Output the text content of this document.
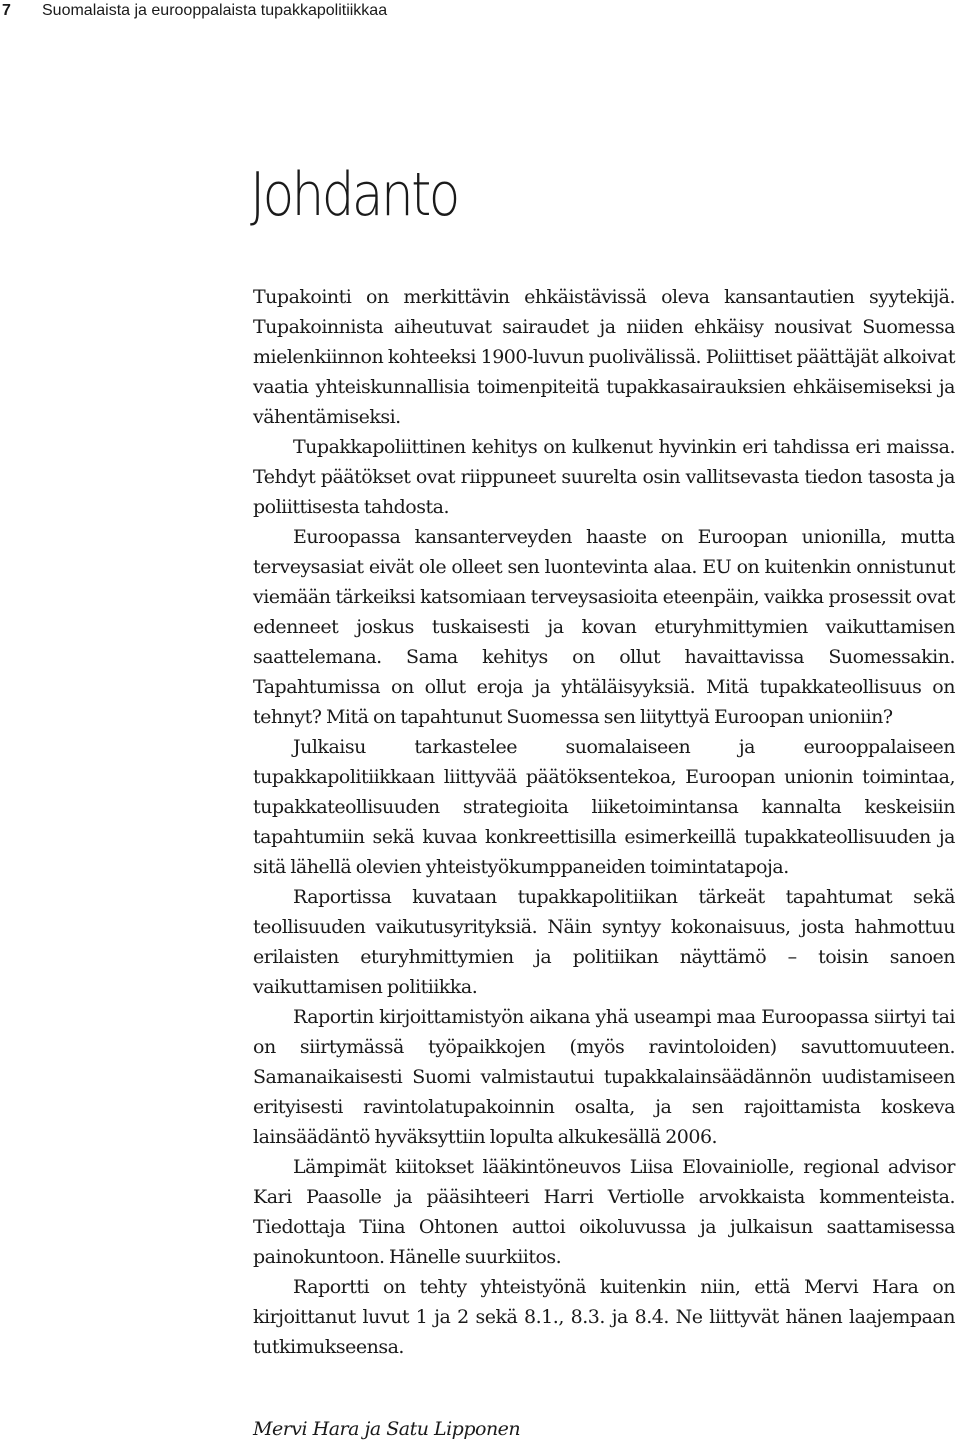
7	Suomalaista ja eurooppalaista tupakkapolitiikkaa
Johdanto

Tupakointi on merkittävin ehkäistävissä oleva kansantautien syytekijä. Tupakoinnista aiheutuvat sairaudet ja niiden ehkäisy nousivat Suomessa mielenkiinnon kohteeksi 1900-luvun puolivälissä. Poliittiset päättäjät alkoivat vaatia yhteiskunnallisia toimenpiteitä tupakkasairauksien ehkäisemiseksi ja vähentämiseksi.

Tupakkapoliittinen kehitys on kulkenut hyvinkin eri tahdissa eri maissa. Tehdyt päätökset ovat riippuneet suurelta osin vallitsevasta tiedon tasosta ja poliittisesta tahdosta.

Euroopassa kansanterveyden haaste on Euroopan unionilla, mutta terveysasiat eivät ole olleet sen luontevinta alaa. EU on kuitenkin onnistunut viemään tärkeiksi katsomiaan terveysasioita eteenpäin, vaikka prosessit ovat edenneet joskus tuskaisesti ja kovan eturyhmittymien vaikuttamisen saattelemana. Sama kehitys on ollut havaittavissa Suomessakin. Tapahtumissa on ollut eroja ja yhtäläisyyksiä. Mitä tupakkateollisuus on tehnyt? Mitä on tapahtunut Suomessa sen liityttyä Euroopan unioniin?

Julkaisu tarkastelee suomalaiseen ja eurooppalaiseen tupakkapolitiikkaan liittyvää päätöksentekoa, Euroopan unionin toimintaa, tupakkateollisuuden strategioita liiketoimintansa kannalta keskeisiin tapahtumiin sekä kuvaa konkreettisilla esimerkeillä tupakkateollisuuden ja sitä lähellä olevien yhteistyökumppaneiden toimintatapoja.

Raportissa kuvataan tupakkapolitiikan tärkeät tapahtumat sekä teollisuuden vaikutusyrityksiä. Näin syntyy kokonaisuus, josta hahmottuu erilaisten eturyhmittymien ja politiikan näyttämö – toisin sanoen vaikuttamisen politiikka.

Raportin kirjoittamistyön aikana yhä useampi maa Euroopassa siirtyi tai on siirtymässä työpaikkojen (myös ravintoloiden) savuttomuuteen. Samanaikaisesti Suomi valmistautui tupakkalainsäädännön uudistamiseen erityisesti ravintolatupakoinnin osalta, ja sen rajoittamista koskeva lainsäädäntö hyväksyttiin lopulta alkukesällä 2006.

Lämpimät kiitokset lääkintöneuvos Liisa Elovainiolle, regional advisor Kari Paasolle ja pääsihteeri Harri Vertiolle arvokkaista kommenteista. Tiedottaja Tiina Ohtonen auttoi oikoluvussa ja julkaisun saattamisessa painokuntoon. Hänelle suurkiitos.

Raportti on tehty yhteistyönä kuitenkin niin, että Mervi Hara on kirjoittanut luvut 1 ja 2 sekä 8.1., 8.3. ja 8.4. Ne liittyvät hänen laajempaan tutkimukseensa.

Mervi Hara ja Satu Lipponen
